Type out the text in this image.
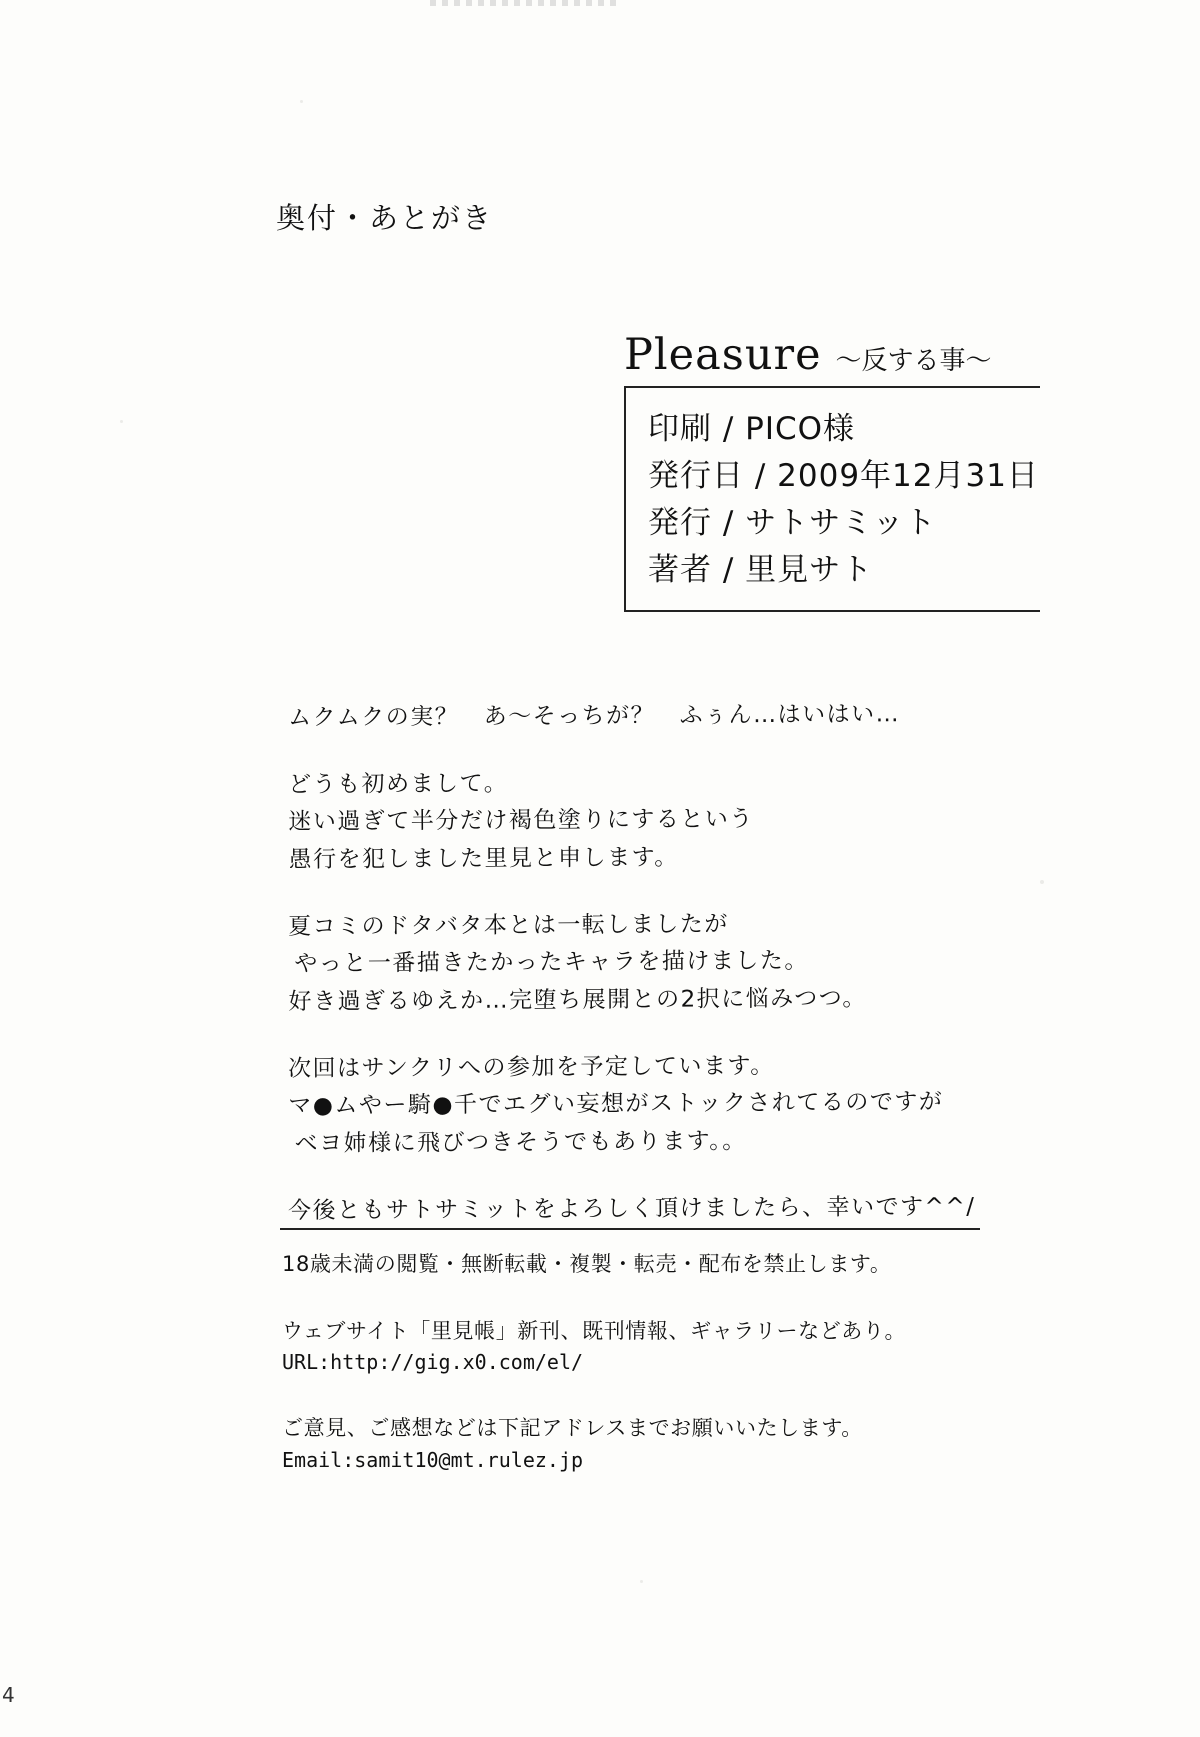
奥付・あとがき
Pleasure 〜反する事〜
印刷 / PICO様
発行日 / 2009年12月31日
発行 / サトサミット
著者 / 里見サト

ムクムクの実？　あ〜そっちが？　ふぅん…はいはい…

どうも初めまして。
迷い過ぎて半分だけ褐色塗りにするという
愚行を犯しました里見と申します。

夏コミのドタバタ本とは一転しましたが
やっと一番描きたかったキャラを描けました。
好き過ぎるゆえか…完堕ち展開との2択に悩みつつ。

次回はサンクリへの参加を予定しています。
マ●ムやー騎●千でエグい妄想がストックされてるのですが
ベヨ姉様に飛びつきそうでもあります。。

今後ともサトサミットをよろしく頂けましたら、幸いです^^/

18歳未満の閲覧・無断転載・複製・転売・配布を禁止します。
ウェブサイト「里見帳」新刊、既刊情報、ギャラリーなどあり。
URL:http://gig.x0.com/el/
ご意見、ご感想などは下記アドレスまでお願いいたします。
Email:samit10@mt.rulez.jp
4
